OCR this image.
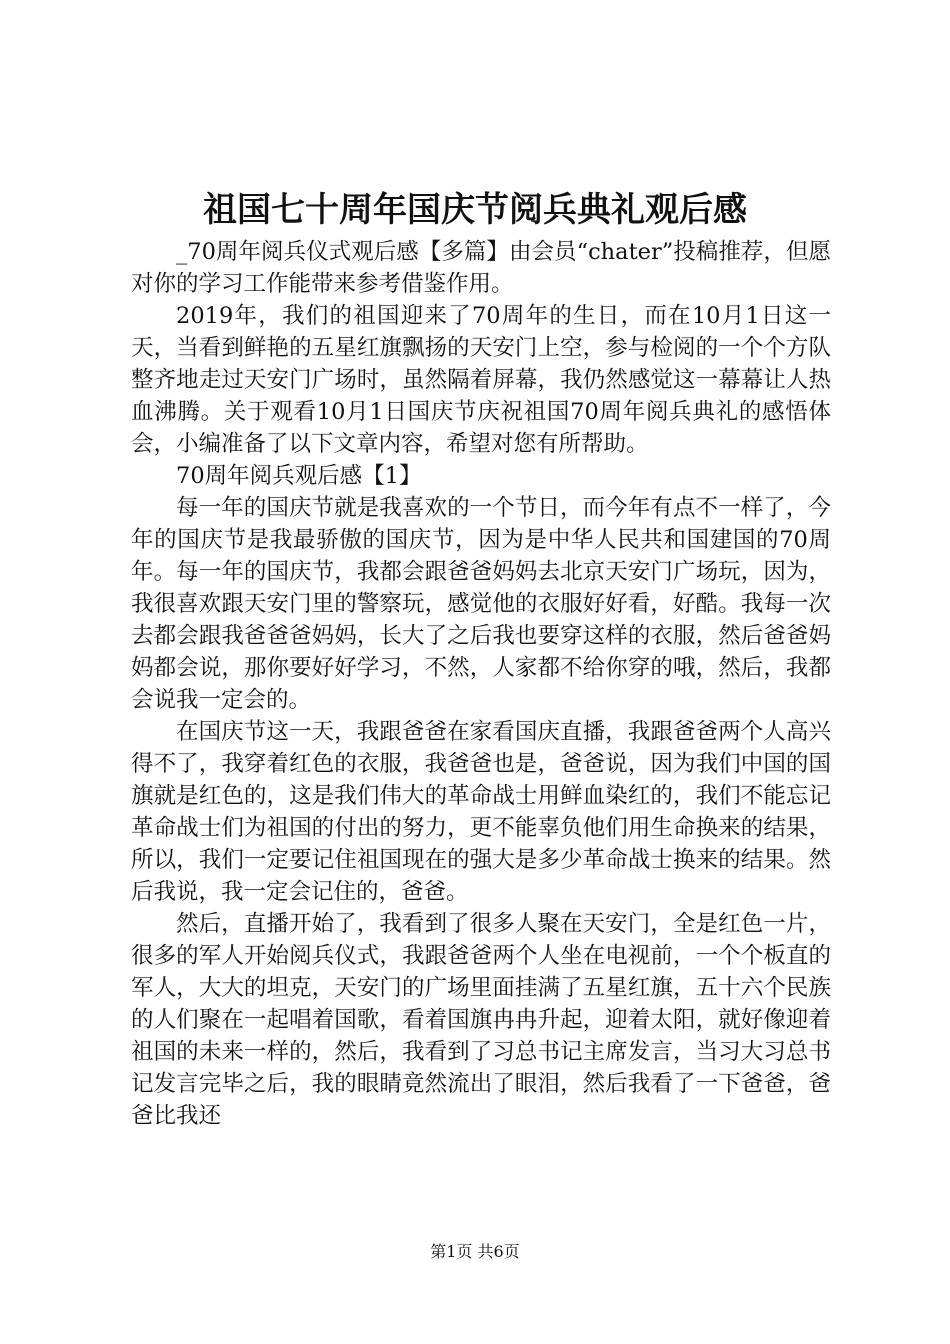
祖国七十周年国庆节阅兵典礼观后感

_70周年阅兵仪式观后感【多篇】由会员“chater”投稿推荐，但愿对你的学习工作能带来参考借鉴作用。

2019年，我们的祖国迎来了70周年的生日，而在10月1日这一天，当看到鲜艳的五星红旗飘扬的天安门上空，参与检阅的一个个方队整齐地走过天安门广场时，虽然隔着屏幕，我仍然感觉这一幕幕让人热血沸腾。关于观看10月1日国庆节庆祝祖国70周年阅兵典礼的感悟体会，小编准备了以下文章内容，希望对您有所帮助。

70周年阅兵观后感【1】

每一年的国庆节就是我喜欢的一个节日，而今年有点不一样了，今年的国庆节是我最骄傲的国庆节，因为是中华人民共和国建国的70周年。每一年的国庆节，我都会跟爸爸妈妈去北京天安门广场玩，因为，我很喜欢跟天安门里的警察玩，感觉他的衣服好好看，好酷。我每一次去都会跟我爸爸爸妈妈，长大了之后我也要穿这样的衣服，然后爸爸妈妈都会说，那你要好好学习，不然，人家都不给你穿的哦，然后，我都会说我一定会的。

在国庆节这一天，我跟爸爸在家看国庆直播，我跟爸爸两个人高兴得不了，我穿着红色的衣服，我爸爸也是，爸爸说，因为我们中国的国旗就是红色的，这是我们伟大的革命战士用鲜血染红的，我们不能忘记革命战士们为祖国的付出的努力，更不能辜负他们用生命换来的结果，所以，我们一定要记住祖国现在的强大是多少革命战士换来的结果。然后我说，我一定会记住的，爸爸。

然后，直播开始了，我看到了很多人聚在天安门，全是红色一片，很多的军人开始阅兵仪式，我跟爸爸两个人坐在电视前，一个个板直的军人，大大的坦克，天安门的广场里面挂满了五星红旗，五十六个民族的人们聚在一起唱着国歌，看着国旗冉冉升起，迎着太阳，就好像迎着祖国的未来一样的，然后，我看到了习总书记主席发言，当习大习总书记发言完毕之后，我的眼睛竟然流出了眼泪，然后我看了一下爸爸，爸爸比我还

第1页 共6页
